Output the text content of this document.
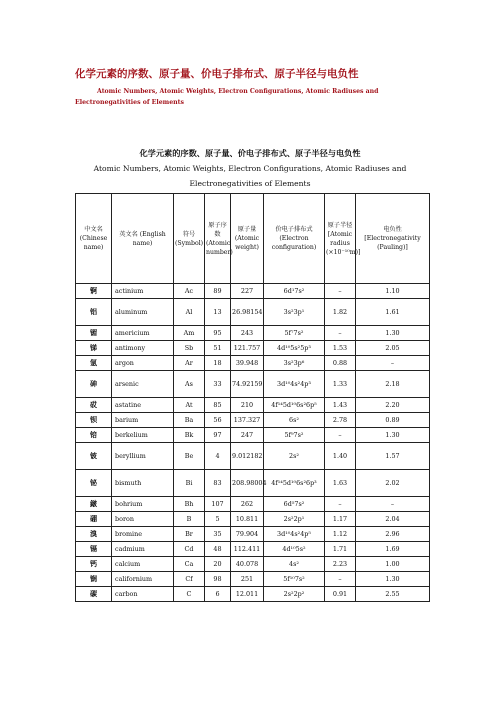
化学元素的序数、原子量、价电子排布式、原子半径与电负性
Atomic Numbers, Atomic Weights, Electron Configurations, Atomic Radiuses and Electronegativities of Elements
化学元素的序数、原子量、价电子排布式、原子半径与电负性
Atomic Numbers, Atomic Weights, Electron Configurations, Atomic Radiuses and Electronegativities of Elements
中文名 (Chinese name)	英文名 (English name)	符号 (Symbol)	原子序数 (Atomic number)	原子量 (Atomic weight)	价电子排布式 (Electron configuration)	原子半径 [Atomic radius (×10⁻¹⁰m)]	电负性 [Electronegativity (Pauling)]
锕	actinium	Ac	89	227	6d¹7s²	–	1.10
铝	aluminum	Al	13	26.98154	3s²3p¹	1.82	1.61
镅	americium	Am	95	243	5f⁷7s²	–	1.30
锑	antimony	Sb	51	121.757	4d¹⁰5s²5p³	1.53	2.05
氩	argon	Ar	18	39.948	3s²3p⁶	0.88	–
砷	arsenic	As	33	74.92159	3d¹⁰4s²4p³	1.33	2.18
砹	astatine	At	85	210	4f¹⁴5d¹⁰6s²6p⁵	1.43	2.20
钡	barium	Ba	56	137.327	6s²	2.78	0.89
锫	berkelium	Bk	97	247	5f⁹7s²	–	1.30
铍	beryllium	Be	4	9.012182	2s²	1.40	1.57
铋	bismuth	Bi	83	208.98004	4f¹⁴5d¹⁰6s²6p³	1.63	2.02
𨨏	bohrium	Bh	107	262	6d⁵7s²	–	–
硼	boron	B	5	10.811	2s²2p¹	1.17	2.04
溴	bromine	Br	35	79.904	3d¹⁰4s²4p⁵	1.12	2.96
镉	cadmium	Cd	48	112.411	4d¹⁰5s²	1.71	1.69
钙	calcium	Ca	20	40.078	4s²	2.23	1.00
锎	californium	Cf	98	251	5f¹⁰7s²	–	1.30
碳	carbon	C	6	12.011	2s²2p²	0.91	2.55
